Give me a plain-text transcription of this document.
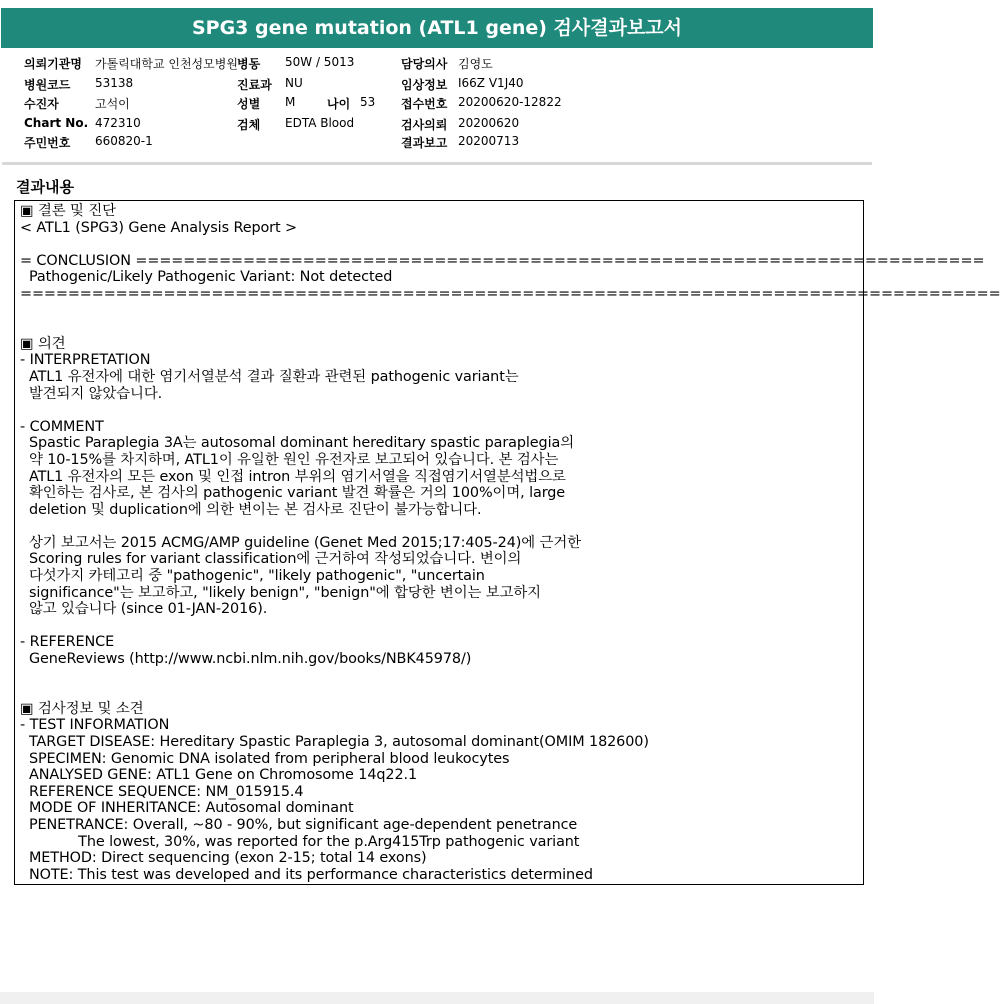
SPG3 gene mutation (ATL1 gene) 검사결과보고서
의뢰기관명 가톨릭대학교 인천성모병원 병동 50W / 5013	담당의사 김영도
병원코드 53138	진료과 NU	임상정보 I66Z V1J40
수진자	고석이	성별 M	나이 53 접수번호 20200620-12822
Chart No. 472310	검체 EDTA Blood	검사의뢰 20200620
주민번호 660820-1	결과보고 20200713
결과내용
▣ 결론 및 진단
< ATL1 (SPG3) Gene Analysis Report >

= CONCLUSION =======================================================================
Pathogenic/Likely Pathogenic Variant: Not detected
==================================================================================

▣ 의견
- INTERPRETATION
ATL1 유전자에 대한 염기서열분석 결과 질환과 관련된 pathogenic variant는
발견되지 않았습니다.

- COMMENT
Spastic Paraplegia 3A는 autosomal dominant hereditary spastic paraplegia의
약 10-15%를 차지하며, ATL1이 유일한 원인 유전자로 보고되어 있습니다. 본 검사는
ATL1 유전자의 모든 exon 및 인접 intron 부위의 염기서열을 직접염기서열분석법으로
확인하는 검사로, 본 검사의 pathogenic variant 발견 확률은 거의 100%이며, large
deletion 및 duplication에 의한 변이는 본 검사로 진단이 불가능합니다.

상기 보고서는 2015 ACMG/AMP guideline (Genet Med 2015;17:405-24)에 근거한
Scoring rules for variant classification에 근거하여 작성되었습니다. 변이의
다섯가지 카테고리 중 "pathogenic", "likely pathogenic", "uncertain
significance"는 보고하고, "likely benign", "benign"에 합당한 변이는 보고하지
않고 있습니다 (since 01-JAN-2016).

- REFERENCE
GeneReviews (http://www.ncbi.nlm.nih.gov/books/NBK45978/)

▣ 검사정보 및 소견
- TEST INFORMATION
TARGET DISEASE: Hereditary Spastic Paraplegia 3, autosomal dominant(OMIM 182600)
SPECIMEN: Genomic DNA isolated from peripheral blood leukocytes
ANALYSED GENE: ATL1 Gene on Chromosome 14q22.1
REFERENCE SEQUENCE: NM_015915.4
MODE OF INHERITANCE: Autosomal dominant
PENETRANCE: Overall, ~80 - 90%, but significant age-dependent penetrance
The lowest, 30%, was reported for the p.Arg415Trp pathogenic variant
METHOD: Direct sequencing (exon 2-15; total 14 exons)
NOTE: This test was developed and its performance characteristics determined
